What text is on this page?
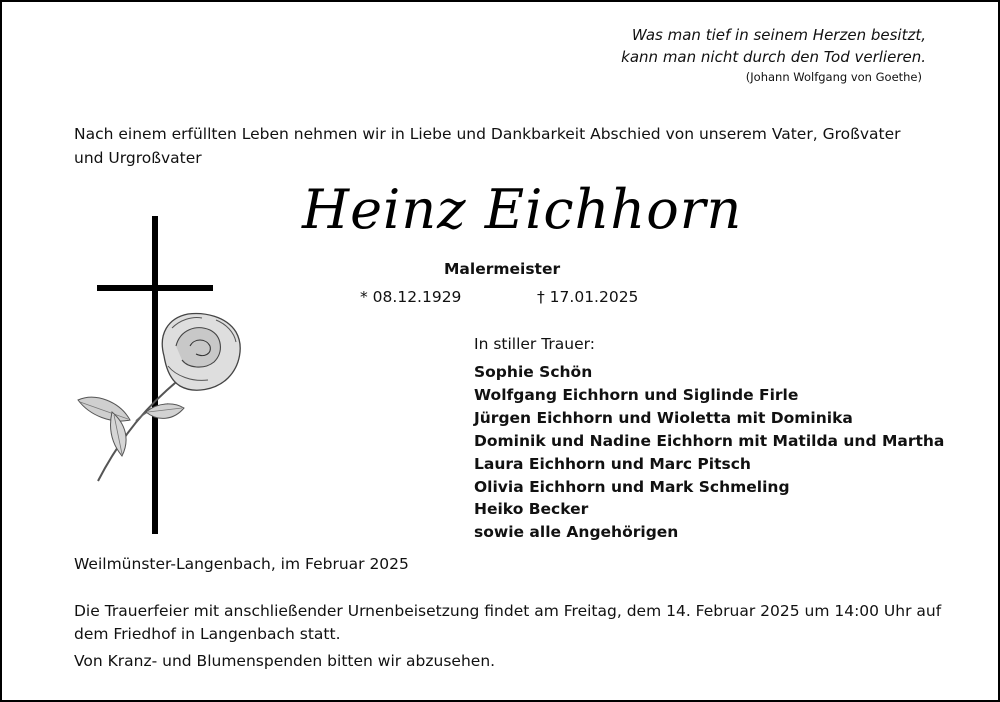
Was man tief in seinem Herzen besitzt,
kann man nicht durch den Tod verlieren.
(Johann Wolfgang von Goethe)
Nach einem erfüllten Leben nehmen wir in Liebe und Dankbarkeit Abschied von unserem Vater, Großvater und Urgroßvater
Heinz Eichhorn
Malermeister
* 08.12.1929	† 17.01.2025
In stiller Trauer:
Sophie Schön
Wolfgang Eichhorn und Siglinde Firle
Jürgen Eichhorn und Wioletta mit Dominika
Dominik und Nadine Eichhorn mit Matilda und Martha
Laura Eichhorn und Marc Pitsch
Olivia Eichhorn und Mark Schmeling
Heiko Becker
sowie alle Angehörigen
Weilmünster-Langenbach, im Februar 2025
Die Trauerfeier mit anschließender Urnenbeisetzung findet am Freitag, dem 14. Februar 2025 um 14:00 Uhr auf dem Friedhof in Langenbach statt.
Von Kranz- und Blumenspenden bitten wir abzusehen.
